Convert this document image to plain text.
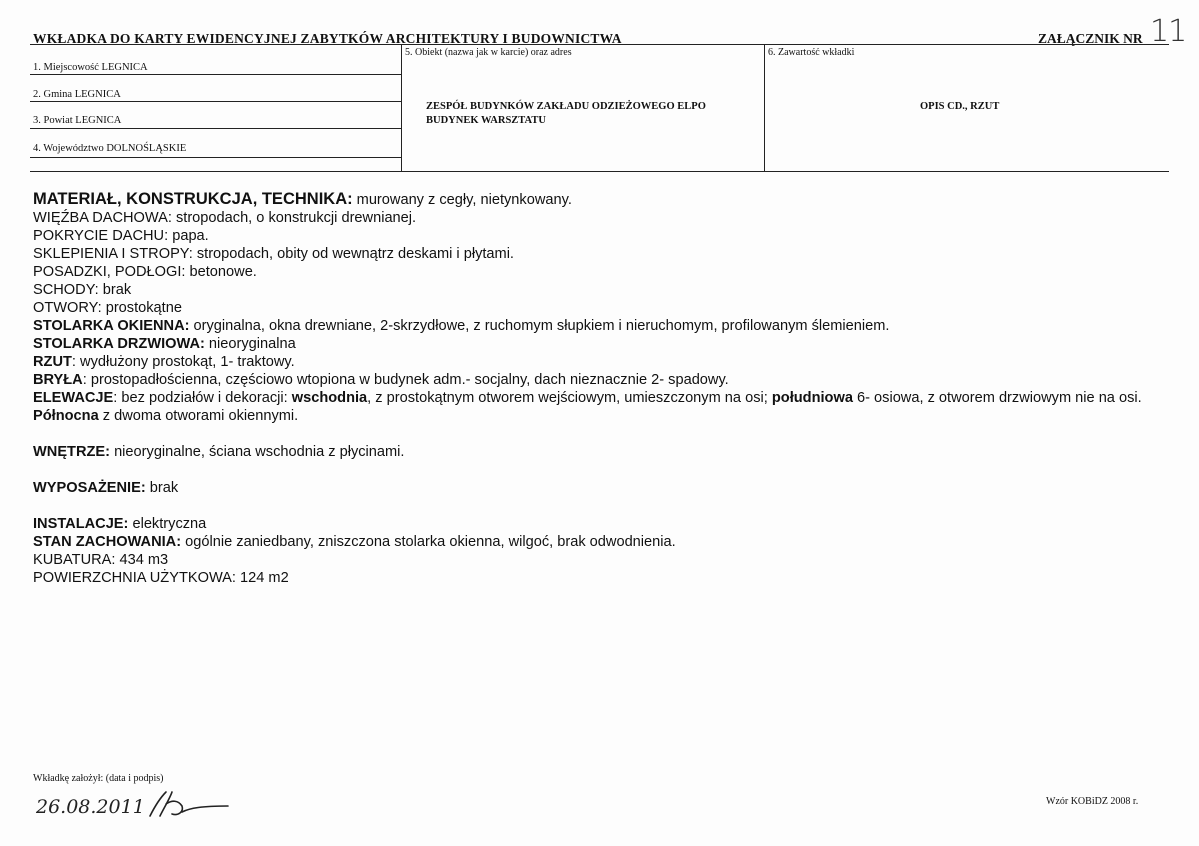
WKŁADKA DO KARTY EWIDENCYJNEJ ZABYTKÓW ARCHITEKTURY I BUDOWNICTWA	ZAŁĄCZNIK NR 11
1. Miejscowość LEGNICA
2. Gmina LEGNICA
3. Powiat LEGNICA
4. Województwo DOLNOŚLĄSKIE
5. Obiekt (nazwa jak w karcie) oraz adres
ZESPÓŁ BUDYNKÓW ZAKŁADU ODZIEŻOWEGO ELPO
BUDYNEK WARSZTATU
6. Zawartość wkładki
OPIS CD., RZUT

MATERIAŁ, KONSTRUKCJA, TECHNIKA: murowany z cegły, nietynkowany.

WIĘŹBA DACHOWA: stropodach, o konstrukcji drewnianej.

POKRYCIE DACHU: papa.

SKLEPIENIA I STROPY: stropodach, obity od wewnątrz deskami i płytami.

POSADZKI, PODŁOGI: betonowe.

SCHODY: brak

OTWORY: prostokątne

STOLARKA OKIENNA: oryginalna, okna drewniane, 2-skrzydłowe, z ruchomym słupkiem i nieruchomym, profilowanym ślemieniem.

STOLARKA DRZWIOWA: nieoryginalna

RZUT: wydłużony prostokąt, 1- traktowy.

BRYŁA: prostopadłościenna, częściowo wtopiona w budynek adm.- socjalny, dach nieznacznie 2- spadowy.

ELEWACJE: bez podziałów i dekoracji: wschodnia, z prostokątnym otworem wejściowym, umieszczonym na osi; południowa 6- osiowa, z otworem drzwiowym nie na osi. Północna z dwoma otworami okiennymi.

WNĘTRZE: nieoryginalne, ściana wschodnia z płycinami.

WYPOSAŻENIE: brak

INSTALACJE: elektryczna

STAN ZACHOWANIA: ogólnie zaniedbany, zniszczona stolarka okienna, wilgoć, brak odwodnienia.

KUBATURA: 434 m3

POWIERZCHNIA UŻYTKOWA: 124 m2

Wkładkę założył: (data i podpis)
26.08.2011	Wzór KOBiDZ 2008 r.
